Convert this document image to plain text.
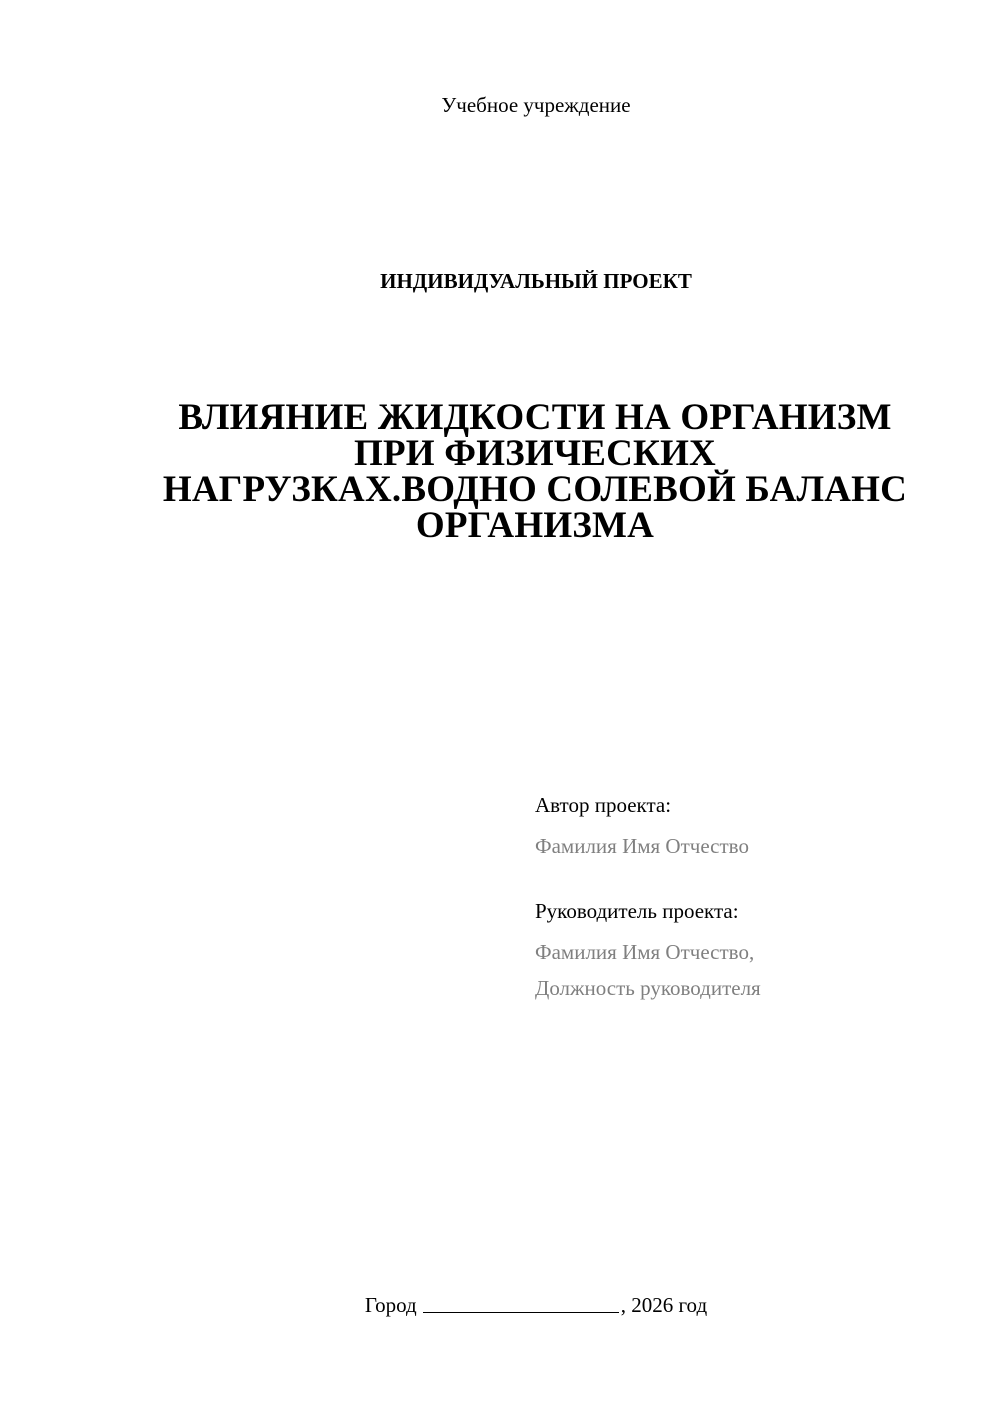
Учебное учреждение
ИНДИВИДУАЛЬНЫЙ ПРОЕКТ
ВЛИЯНИЕ ЖИДКОСТИ НА ОРГАНИЗМ
ПРИ ФИЗИЧЕСКИХ
НАГРУЗКАХ.ВОДНО СОЛЕВОЙ БАЛАНС
ОРГАНИЗМА
Автор проекта:
Фамилия Имя Отчество
Руководитель проекта:
Фамилия Имя Отчество,
Должность руководителя
Город	, 2026 год
